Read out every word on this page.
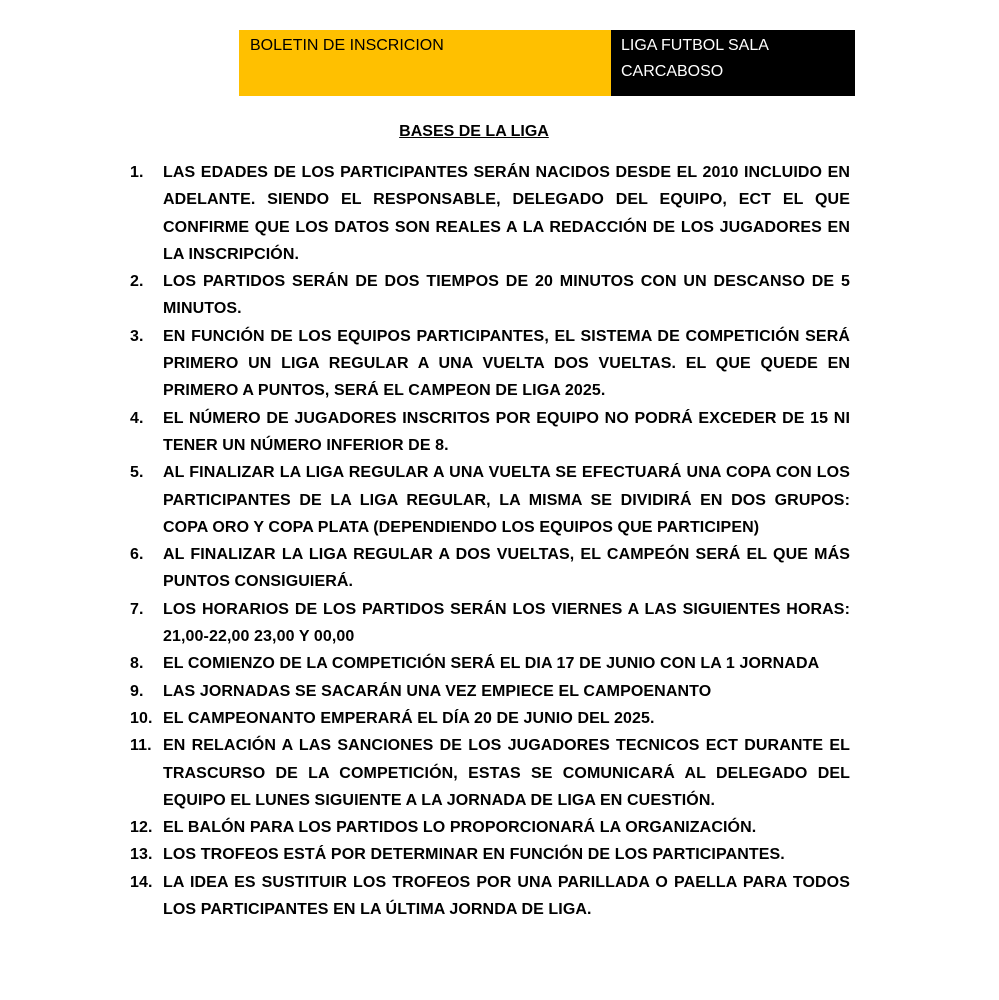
BOLETIN DE INSCRICION	LIGA FUTBOL SALA
CARCABOSO
BASES DE LA LIGA
1. LAS EDADES DE LOS PARTICIPANTES SERÁN NACIDOS DESDE EL 2010 INCLUIDO EN ADELANTE. SIENDO EL RESPONSABLE, DELEGADO DEL EQUIPO, ECT EL QUE CONFIRME QUE LOS DATOS SON REALES A LA REDACCIÓN DE LOS JUGADORES EN LA INSCRIPCIÓN.
2. LOS PARTIDOS SERÁN DE DOS TIEMPOS DE 20 MINUTOS CON UN DESCANSO DE 5 MINUTOS.
3. EN FUNCIÓN DE LOS EQUIPOS PARTICIPANTES, EL SISTEMA DE COMPETICIÓN SERÁ PRIMERO UN LIGA REGULAR A UNA VUELTA DOS VUELTAS. EL QUE QUEDE EN PRIMERO A PUNTOS, SERÁ EL CAMPEON DE LIGA 2025.
4. EL NÚMERO DE JUGADORES INSCRITOS POR EQUIPO NO PODRÁ EXCEDER DE 15 NI TENER UN NÚMERO INFERIOR DE 8.
5. AL FINALIZAR LA LIGA REGULAR A UNA VUELTA SE EFECTUARÁ UNA COPA CON LOS PARTICIPANTES DE LA LIGA REGULAR, LA MISMA SE DIVIDIRÁ EN DOS GRUPOS: COPA ORO Y COPA PLATA (DEPENDIENDO LOS EQUIPOS QUE PARTICIPEN)
6. AL FINALIZAR LA LIGA REGULAR A DOS VUELTAS, EL CAMPEÓN SERÁ EL QUE MÁS PUNTOS CONSIGUIERÁ.
7. LOS HORARIOS DE LOS PARTIDOS SERÁN LOS VIERNES A LAS SIGUIENTES HORAS: 21,00-22,00 23,00 Y 00,00
8. EL COMIENZO DE LA COMPETICIÓN SERÁ EL DIA 17 DE JUNIO CON LA 1 JORNADA
9. LAS JORNADAS SE SACARÁN UNA VEZ EMPIECE EL CAMPOENANTO
10. EL CAMPEONANTO EMPERARÁ EL DÍA 20 DE JUNIO DEL 2025.
11. EN RELACIÓN A LAS SANCIONES DE LOS JUGADORES TECNICOS ECT DURANTE EL TRASCURSO DE LA COMPETICIÓN, ESTAS SE COMUNICARÁ AL DELEGADO DEL EQUIPO EL LUNES SIGUIENTE A LA JORNADA DE LIGA EN CUESTIÓN.
12. EL BALÓN PARA LOS PARTIDOS LO PROPORCIONARÁ LA ORGANIZACIÓN.
13. LOS TROFEOS ESTÁ POR DETERMINAR EN FUNCIÓN DE LOS PARTICIPANTES.
14. LA IDEA ES SUSTITUIR LOS TROFEOS POR UNA PARILLADA O PAELLA PARA TODOS LOS PARTICIPANTES EN LA ÚLTIMA JORNDA DE LIGA.
